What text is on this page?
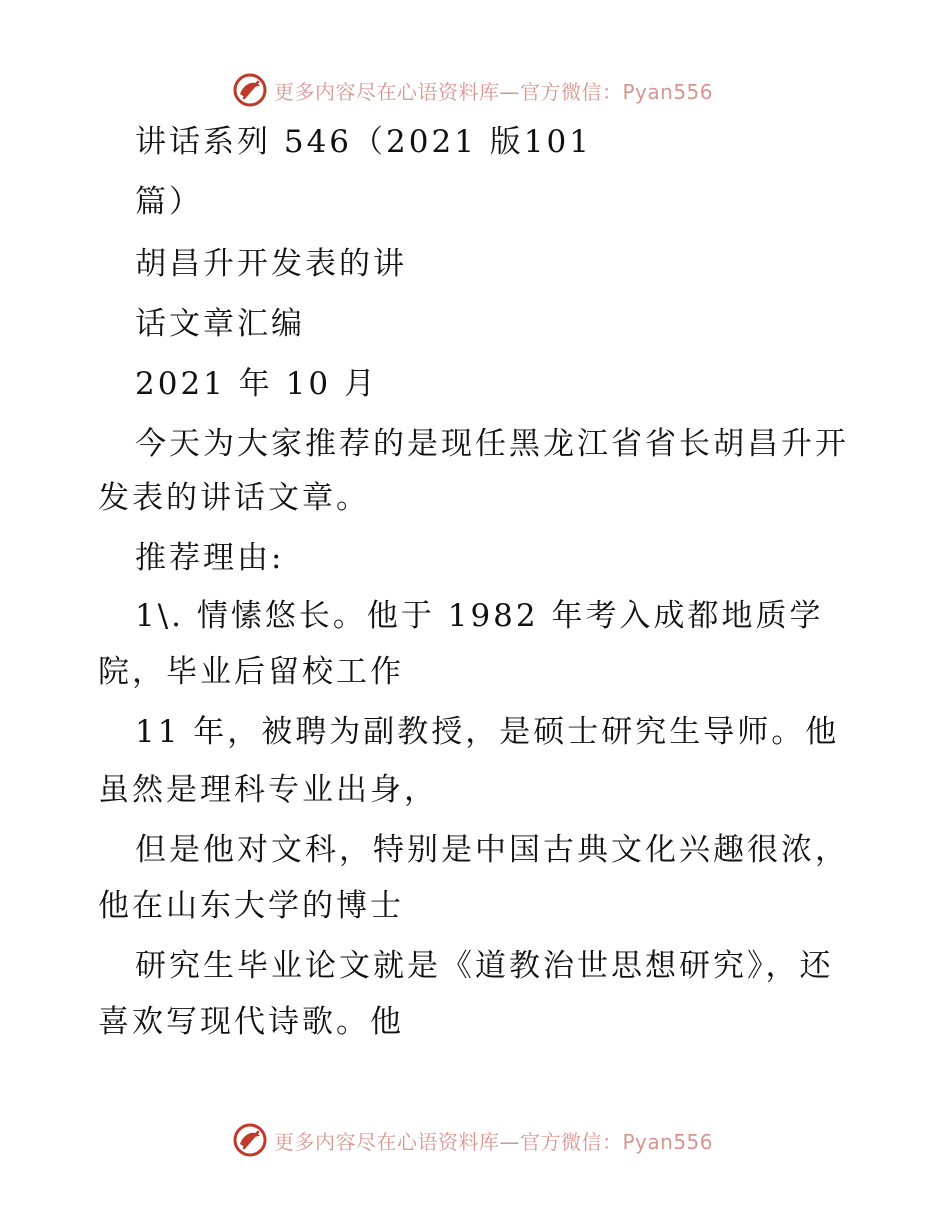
更多内容尽在心语资料库—官方微信：Pyan556
讲话系列 546（2021 版101
篇）
胡昌升开发表的讲
话文章汇编
2021 年 10 月
今天为大家推荐的是现任黑龙江省省长胡昌升开
发表的讲话文章。
推荐理由:
1\. 情愫悠长。他于 1982 年考入成都地质学
院，毕业后留校工作
11 年，被聘为副教授，是硕士研究生导师。他
虽然是理科专业出身，
但是他对文科，特别是中国古典文化兴趣很浓，
他在山东大学的博士
研究生毕业论文就是《道教治世思想研究》，还
喜欢写现代诗歌。他
更多内容尽在心语资料库—官方微信：Pyan556
